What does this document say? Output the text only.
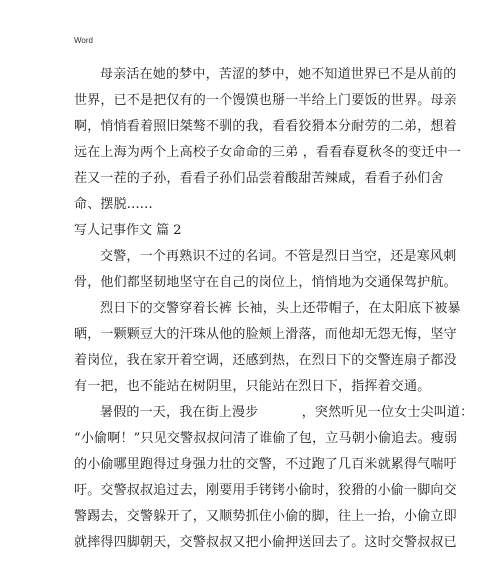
Word

母亲活在她的梦中，苦涩的梦中，她不知道世界已不是从前的
世界，已不是把仅有的一个馒馍也掰一半给上门要饭的世界。母亲
啊，悄悄看着照旧桀骜不驯的我，看看狡猾本分耐劳的二弟，想着
远在上海为两个上高校子女命命的三弟 ，看看春夏秋冬的变迁中一
茬又一茬的子孙，看看子孙们品尝着酸甜苦辣咸，看看子孙们舍
命、摆脱......

写人记事作文 篇 2

交警，一个再熟识不过的名词。不管是烈日当空，还是寒风刺
骨，他们都坚韧地坚守在自己的岗位上，悄悄地为交通保驾护航。

烈日下的交警穿着长裤 长袖，头上还带帽子，在太阳底下被暴
晒，一颗颗豆大的汗珠从他的脸颊上滑落，而他却无怨无悔，坚守
着岗位，我在家开着空调，还感到热，在烈日下的交警连扇子都没
有一把，也不能站在树阴里，只能站在烈日下，指挥着交通。

暑假的一天，我在街上漫步          ，突然听见一位女士尖叫道：
“小偷啊！”只见交警叔叔问清了谁偷了包，立马朝小偷追去。瘦弱
的小偷哪里跑得过身强力壮的交警，不过跑了几百米就累得气喘吁
吁。交警叔叔追过去，刚要用手铐铐小偷时，狡猾的小偷一脚向交
警踢去，交警躲开了，又顺势抓住小偷的脚，往上一抬，小偷立即
就摔得四脚朝天，交警叔叔又把小偷押送回去了。这时交警叔叔已
